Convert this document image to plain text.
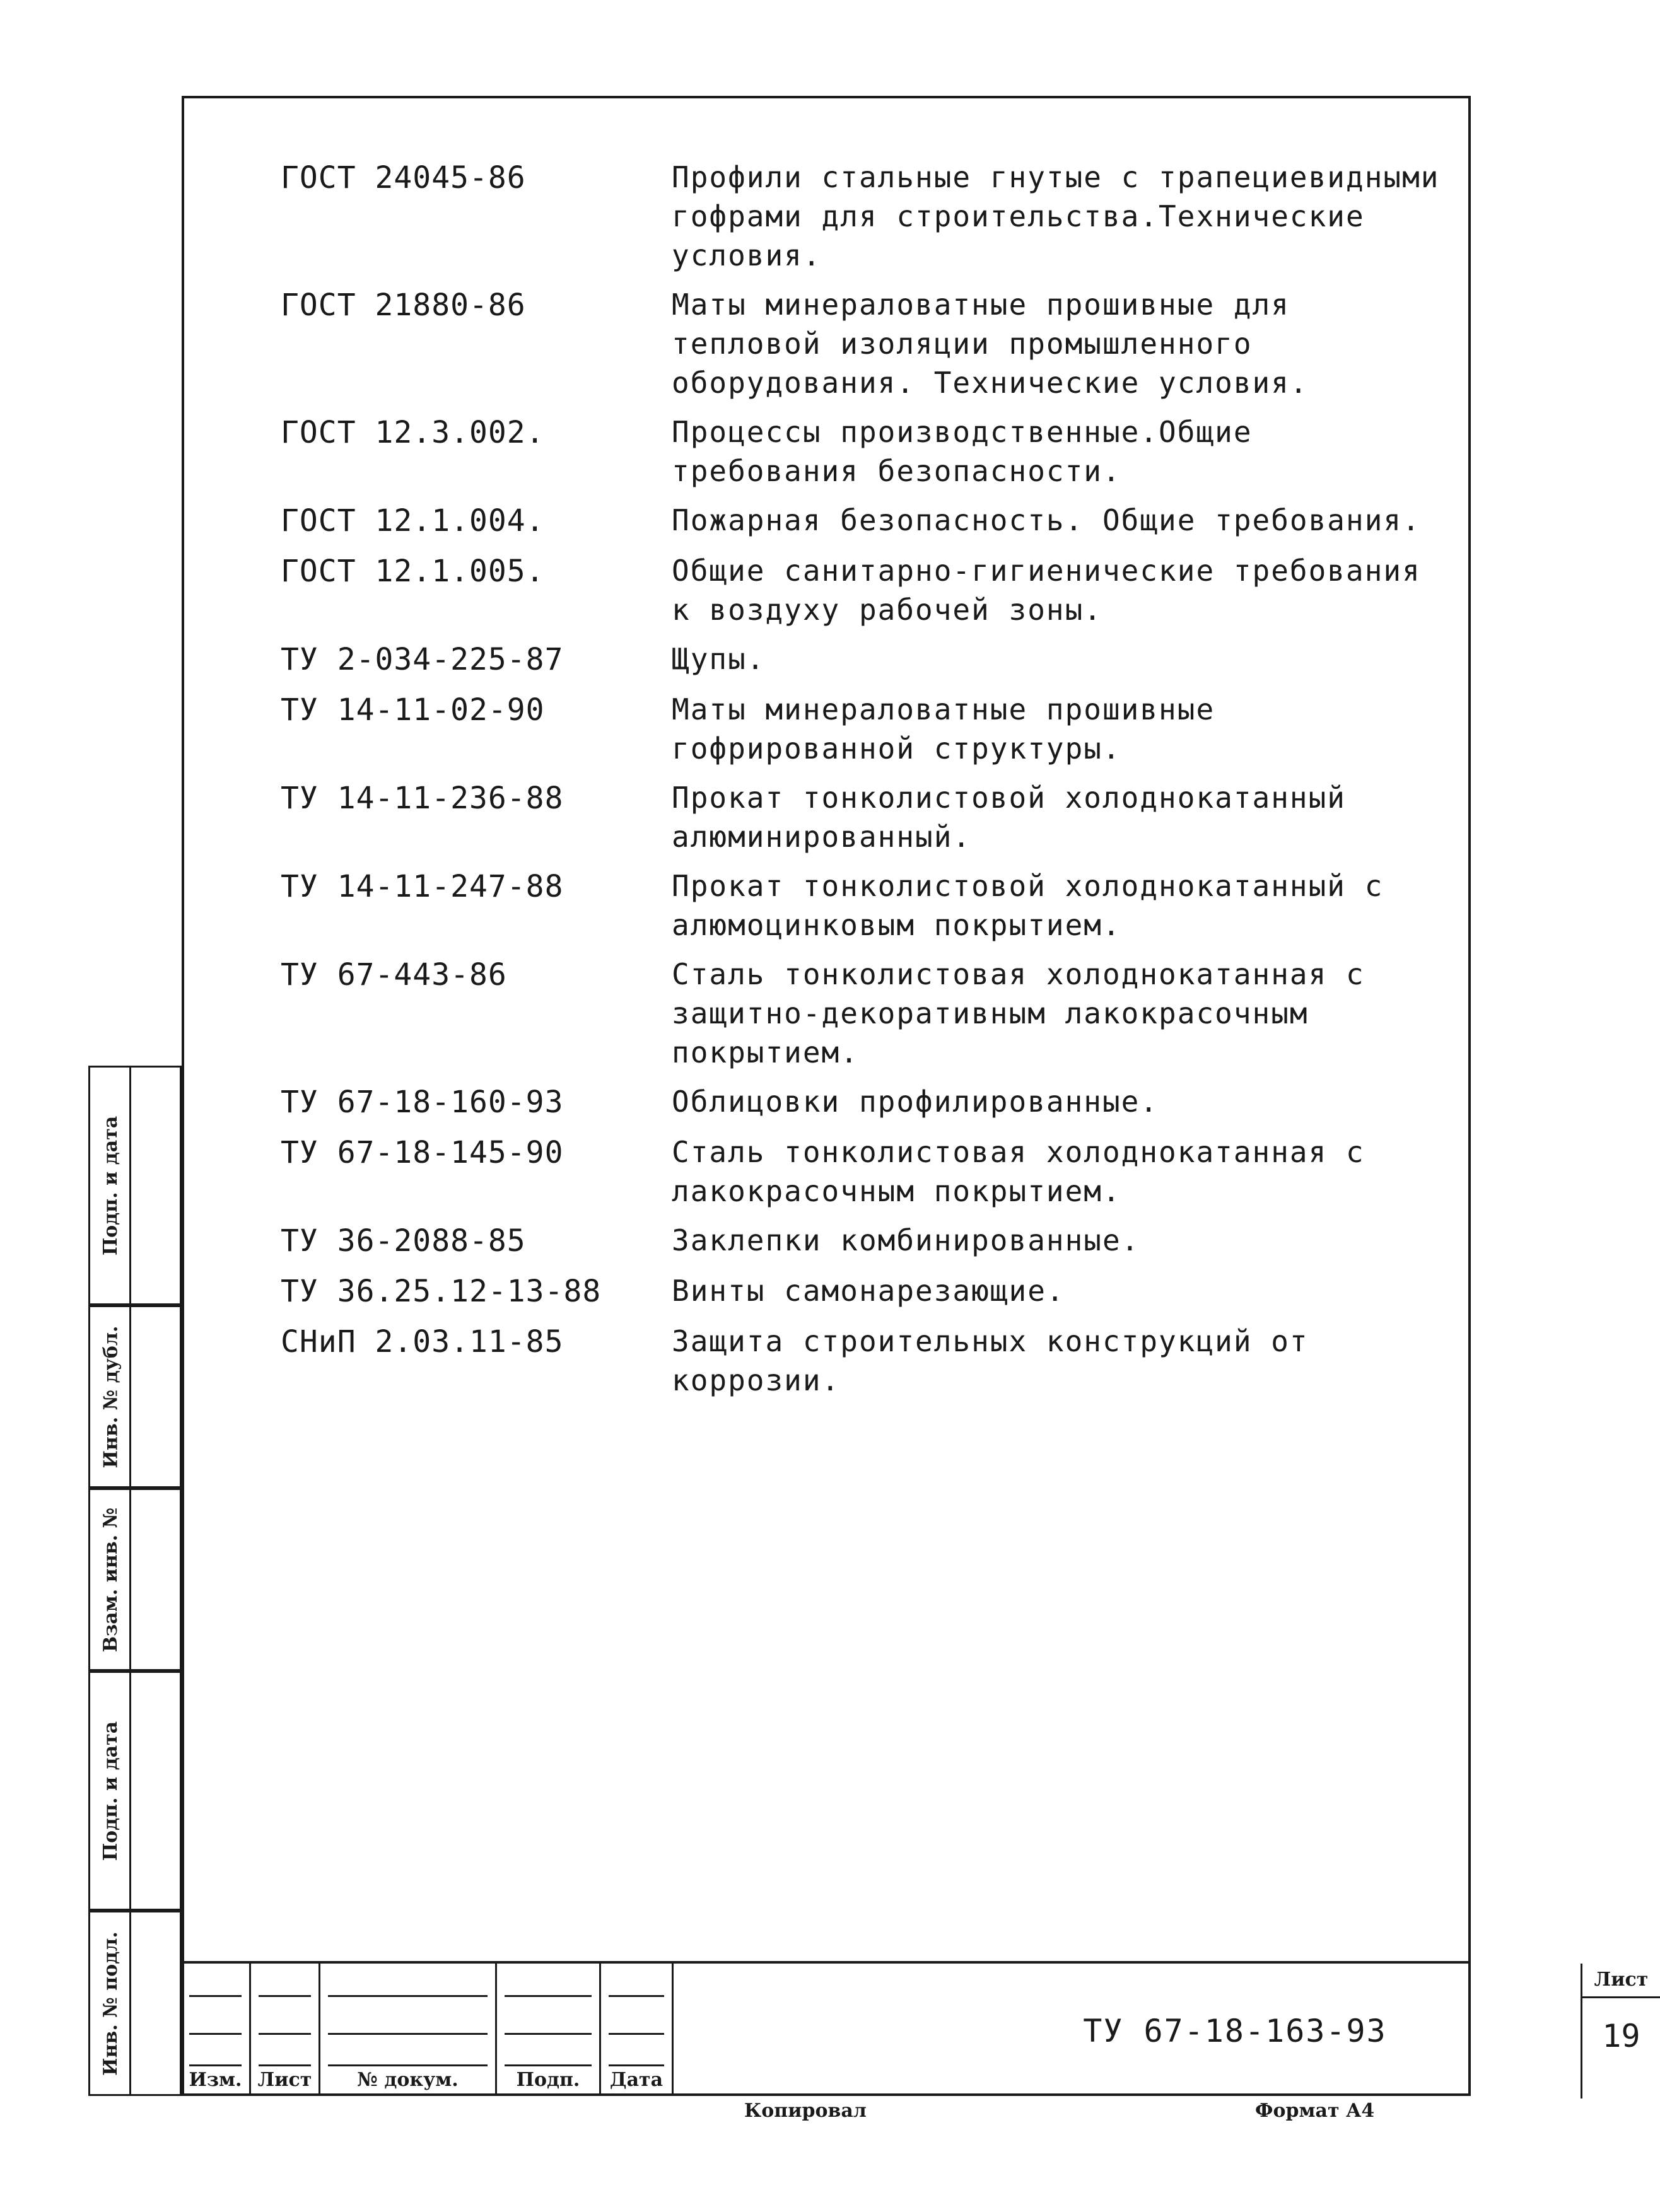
ГОСТ 24045-86	Профили стальные гнутые с трапециевидными гофрами для строительства.Технические условия.
ГОСТ 21880-86	Маты минераловатные прошивные для тепловой изоляции промышленного оборудования. Технические условия.
ГОСТ 12.3.002.	Процессы производственные.Общие требования безопасности.
ГОСТ 12.1.004.	Пожарная безопасность. Общие требования.
ГОСТ 12.1.005.	Общие санитарно-гигиенические требования к воздуху рабочей зоны.
ТУ 2-034-225-87	Щупы.
ТУ 14-11-02-90	Маты минераловатные прошивные гофрированной структуры.
ТУ 14-11-236-88	Прокат тонколистовой холоднокатанный алюминированный.
ТУ 14-11-247-88	Прокат тонколистовой холоднокатанный с алюмоцинковым покрытием.
ТУ 67-443-86	Сталь тонколистовая холоднокатанная с защитно-декоративным лакокрасочным покрытием.
ТУ 67-18-160-93	Облицовки профилированные.
ТУ 67-18-145-90	Сталь тонколистовая холоднокатанная с лакокрасочным покрытием.
ТУ 36-2088-85	Заклепки комбинированные.
ТУ 36.25.12-13-88	Винты самонарезающие.
СНиП 2.03.11-85	Защита строительных конструкций от коррозии.
Подп. и дата
Инв. № дубл.
Взам. инв. №
Подп. и дата
Инв. № подл.
Изм. Лист	№ докум.	Подп.	Дата
ТУ 67-18-163-93
Лист
19
Копировал	Формат А4
